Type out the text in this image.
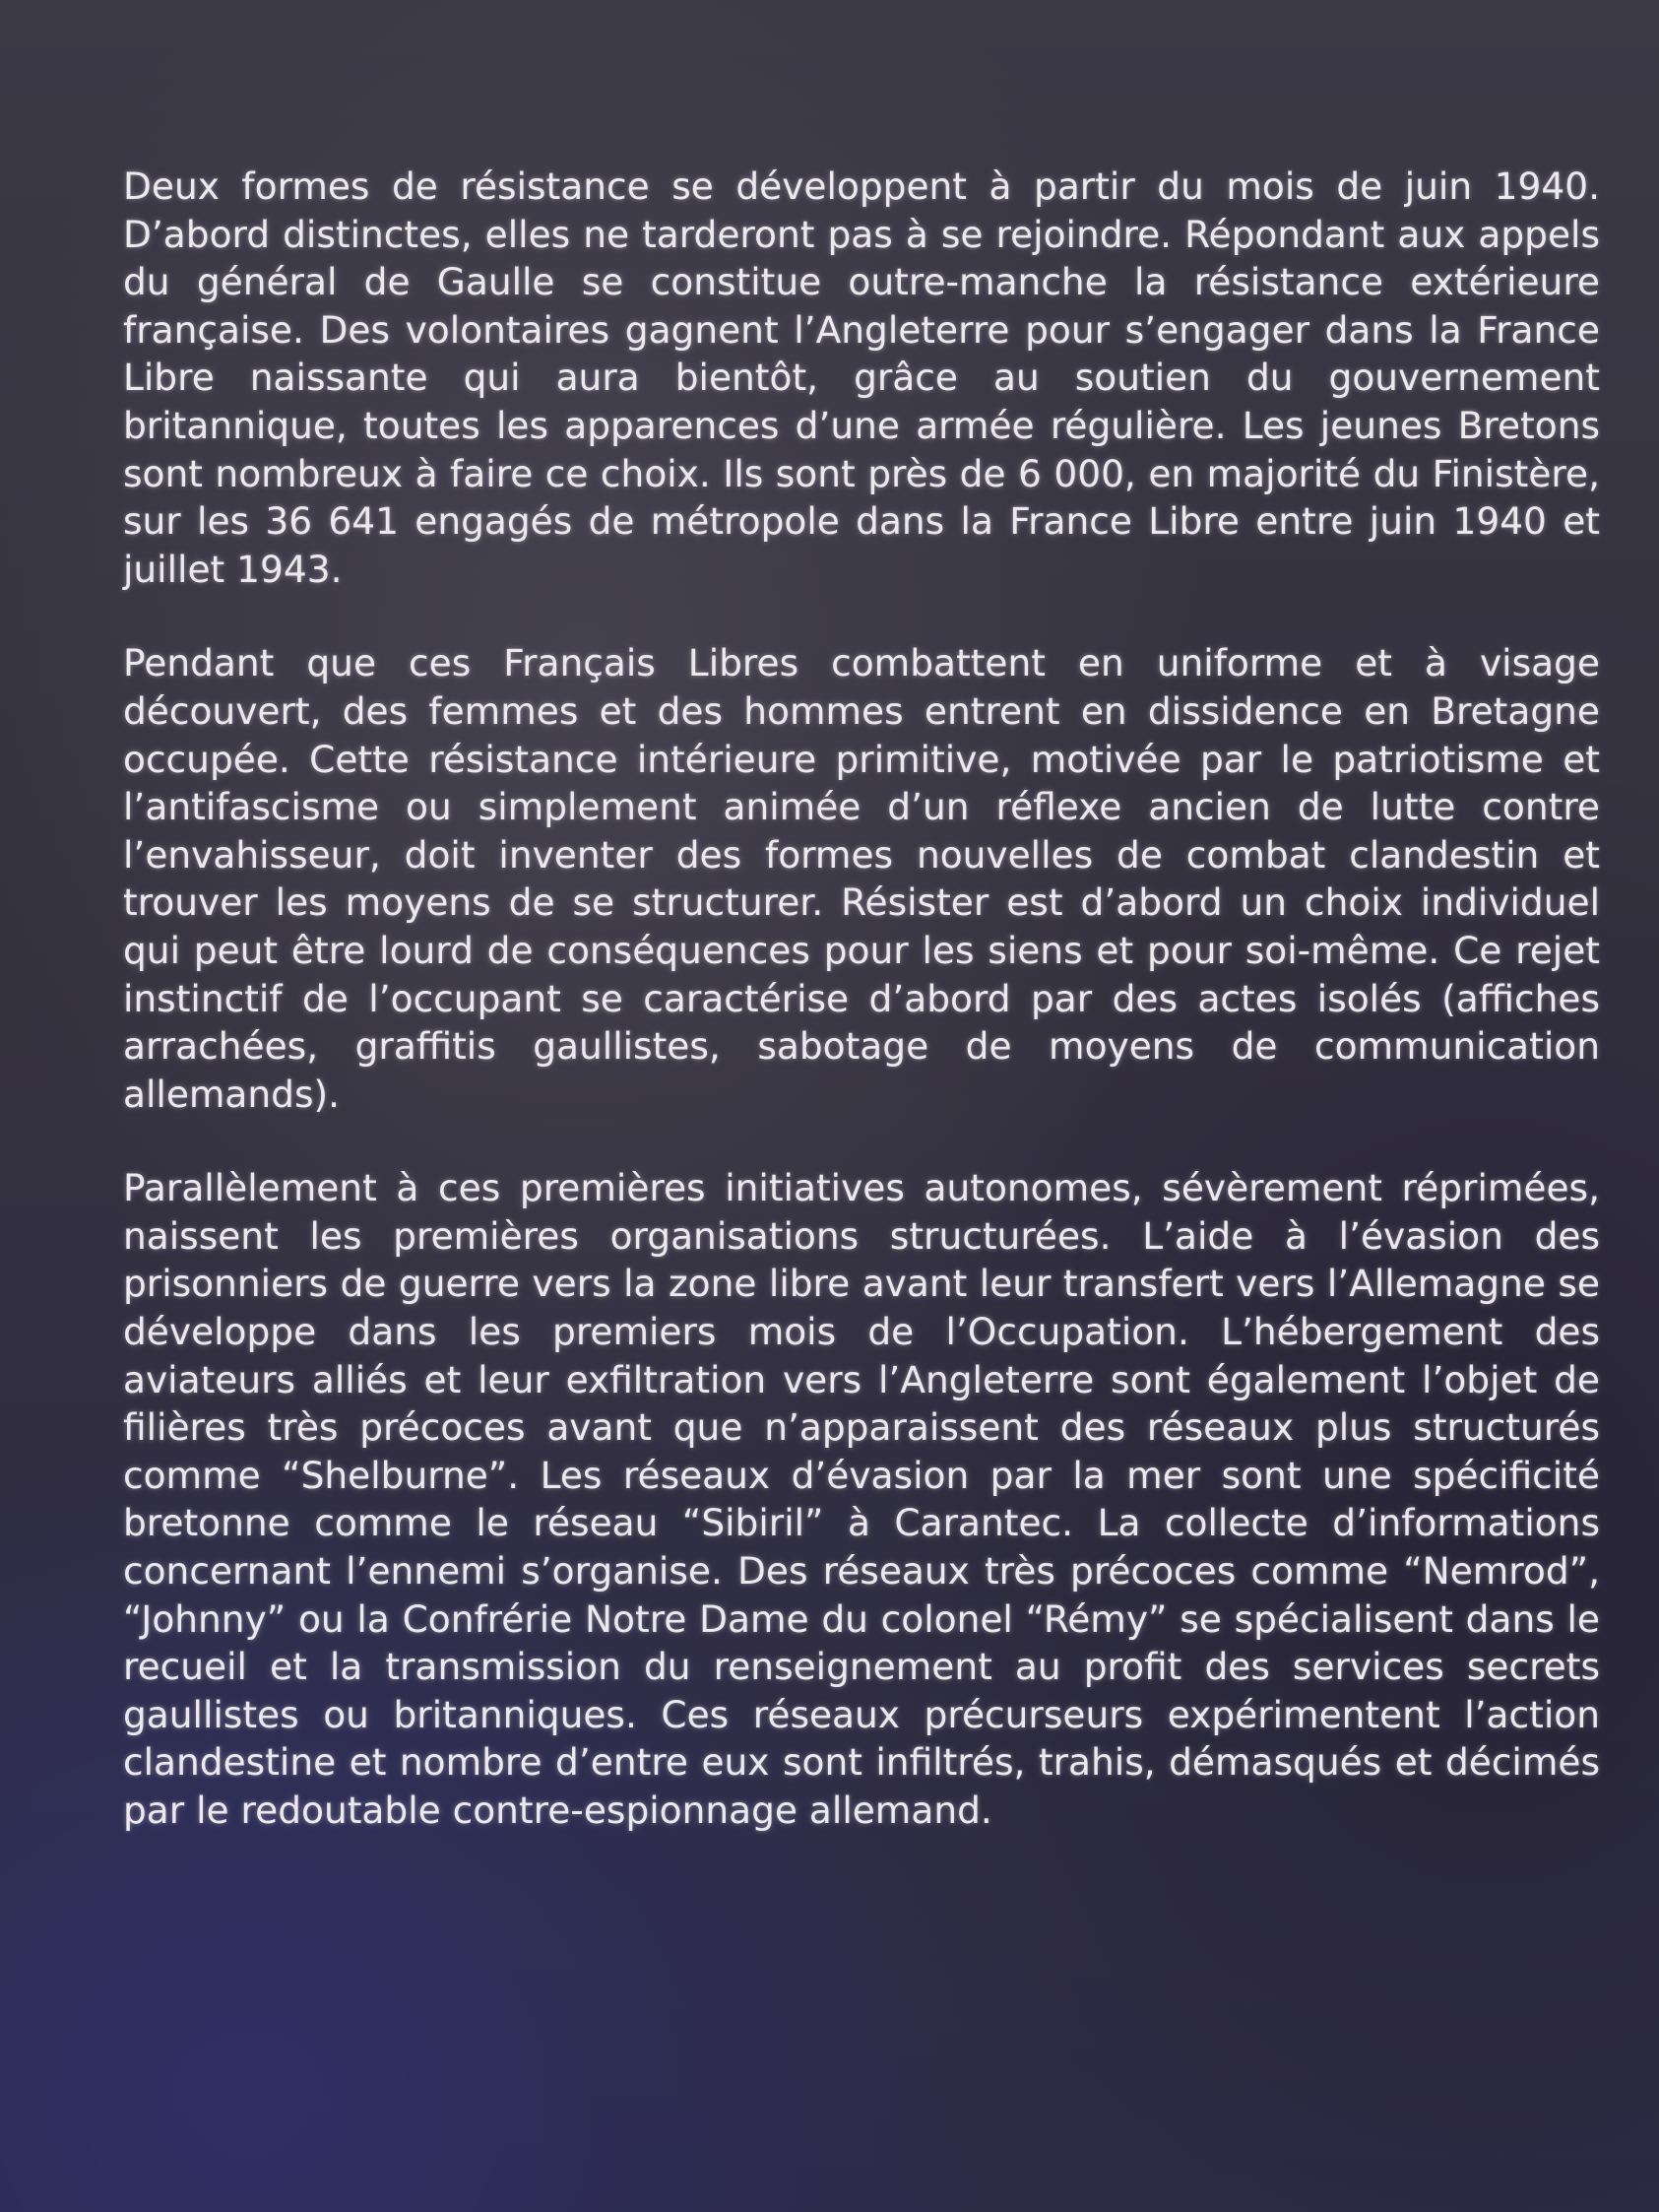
Deux formes de résistance se développent à partir du mois de juin 1940. D’abord distinctes, elles ne tarderont pas à se rejoindre. Répondant aux appels du général de Gaulle se constitue outre-manche la résistance extérieure française. Des volontaires gagnent l’Angleterre pour s’engager dans la France Libre naissante qui aura bientôt, grâce au soutien du gouvernement britannique, toutes les apparences d’une armée régulière. Les jeunes Bretons sont nombreux à faire ce choix. Ils sont près de 6 000, en majorité du Finistère, sur les 36 641 engagés de métropole dans la France Libre entre juin 1940 et juillet 1943.

Pendant que ces Français Libres combattent en uniforme et à visage découvert, des femmes et des hommes entrent en dissidence en Bretagne occupée. Cette résistance intérieure primitive, motivée par le patriotisme et l’antifascisme ou simplement animée d’un réflexe ancien de lutte contre l’envahisseur, doit inventer des formes nouvelles de combat clandestin et trouver les moyens de se structurer. Résister est d’abord un choix individuel qui peut être lourd de conséquences pour les siens et pour soi-même. Ce rejet instinctif de l’occupant se caractérise d’abord par des actes isolés (affiches arrachées, graffitis gaullistes, sabotage de moyens de communication allemands).

Parallèlement à ces premières initiatives autonomes, sévèrement réprimées, naissent les premières organisations structurées. L’aide à l’évasion des prisonniers de guerre vers la zone libre avant leur transfert vers l’Allemagne se développe dans les premiers mois de l’Occupation. L’hébergement des aviateurs alliés et leur exfiltration vers l’Angleterre sont également l’objet de filières très précoces avant que n’apparaissent des réseaux plus structurés comme “Shelburne”. Les réseaux d’évasion par la mer sont une spécificité bretonne comme le réseau “Sibiril” à Carantec. La collecte d’informations concernant l’ennemi s’organise. Des réseaux très précoces comme “Nemrod”, “Johnny” ou la Confrérie Notre Dame du colonel “Rémy” se spécialisent dans le recueil et la transmission du renseignement au profit des services secrets gaullistes ou britanniques. Ces réseaux précurseurs expérimentent l’action clandestine et nombre d’entre eux sont infiltrés, trahis, démasqués et décimés par le redoutable contre-espionnage allemand.
